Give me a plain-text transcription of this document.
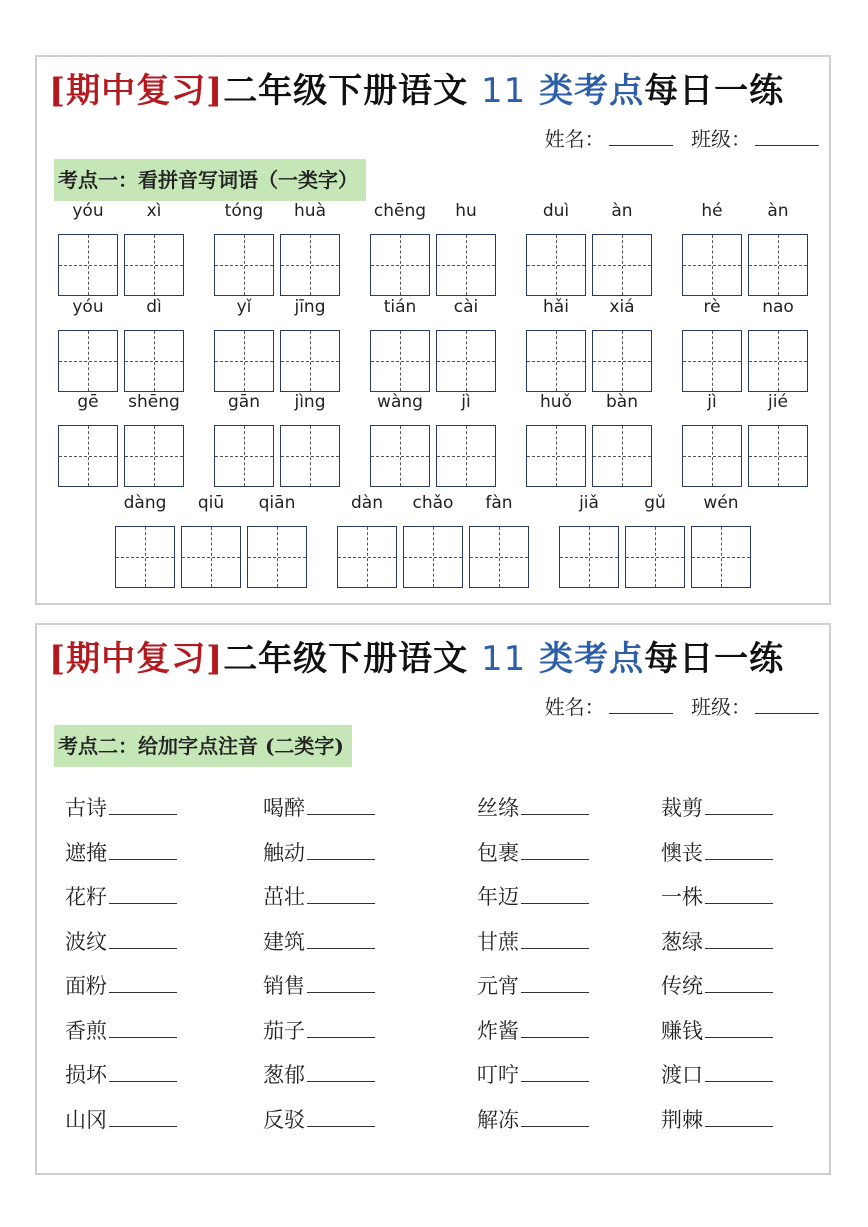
[期中复习]二年级下册语文 11 类考点每日一练
姓名：	班级：
考点一：看拼音写词语（一类字）
yóu	xì	tóng	huà	chēng	hu	duì	àn	hé	àn
yóu	dì	yǐ	jīng	tián	cài	hǎi	xiá	rè	nao
gē	shēng	gān	jìng	wàng	jì	huǒ	bàn	jì	jié
dàng	qiū	qiān	dàn	chǎo	fàn	jiǎ	gǔ	wén
[期中复习]二年级下册语文 11 类考点每日一练
姓名：	班级：
考点二：给加字点注音 (二类字)
古诗	喝醉	丝绦	裁剪
遮掩	触动	包裹	懊丧
花籽	茁壮	年迈	一株
波纹	建筑	甘蔗	葱绿
面粉	销售	元宵	传统
香煎	茄子	炸酱	赚钱
损坏	葱郁	叮咛	渡口
山冈	反驳	解冻	荆棘
